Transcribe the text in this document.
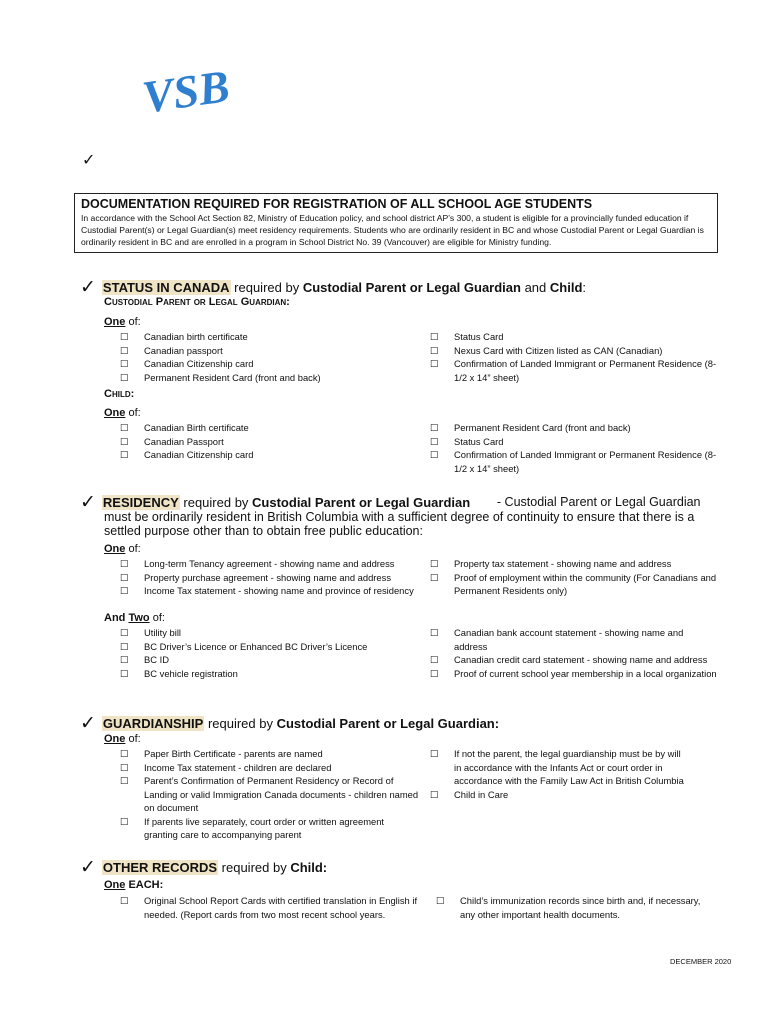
VSB
✓
DOCUMENTATION REQUIRED FOR REGISTRATION OF ALL SCHOOL AGE STUDENTS
In accordance with the School Act Section 82, Ministry of Education policy, and school district AP’s 300, a student is eligible for a provincially funded education if Custodial Parent(s) or Legal Guardian(s) meet residency requirements. Students who are ordinarily resident in BC and whose Custodial Parent or Legal Guardian is ordinarily resident in BC and are enrolled in a program in School District No. 39 (Vancouver) are eligible for Ministry funding.
✓ STATUS IN CANADA required by Custodial Parent or Legal Guardian and Child:
Custodial Parent or Legal Guardian:
One of:
☐	Canadian birth certificate
☐	Canadian passport
☐	Canadian Citizenship card
☐	Permanent Resident Card (front and back)
☐	Status Card
☐	Nexus Card with Citizen listed as CAN (Canadian)
☐	Confirmation of Landed Immigrant or Permanent Residence (8-1/2 x 14” sheet)
Child:
One of:
☐	Canadian Birth certificate
☐	Canadian Passport
☐	Canadian Citizenship card
☐	Permanent Resident Card (front and back)
☐	Status Card
☐	Confirmation of Landed Immigrant or Permanent Residence (8-1/2 x 14” sheet)
✓ RESIDENCY required by Custodial Parent or Legal Guardian	- Custodial Parent or Legal Guardian must be ordinarily resident in British Columbia with a sufficient degree of continuity to ensure that there is a settled purpose other than to obtain free public education:
One of:
☐	Long-term Tenancy agreement - showing name and address
☐	Property purchase agreement - showing name and address
☐	Income Tax statement - showing name and province of residency
☐	Property tax statement - showing name and address
☐	Proof of employment within the community (For Canadians and Permanent Residents only)
And Two of:
☐	Utility bill
☐	BC Driver’s Licence or Enhanced BC Driver’s Licence
☐	BC ID
☐	BC vehicle registration
☐	Canadian bank account statement - showing name and address
☐	Canadian credit card statement - showing name and address
☐	Proof of current school year membership in a local organization
✓ GUARDIANSHIP required by Custodial Parent or Legal Guardian:
One of:
☐	Paper Birth Certificate - parents are named
☐	Income Tax statement - children are declared
☐	Parent’s Confirmation of Permanent Residency or Record of Landing or valid Immigration Canada documents - children named on document
☐	If parents live separately, court order or written agreement granting care to accompanying parent
☐	If not the parent, the legal guardianship must be by will in accordance with the Infants Act or court order in accordance with the Family Law Act in British Columbia
☐	Child in Care
✓ OTHER RECORDS required by Child:
One EACH:
☐	Original School Report Cards with certified translation in English if needed. (Report cards from two most recent school years.
☐	Child’s immunization records since birth and, if necessary, any other important health documents.
DECEMBER 2020
